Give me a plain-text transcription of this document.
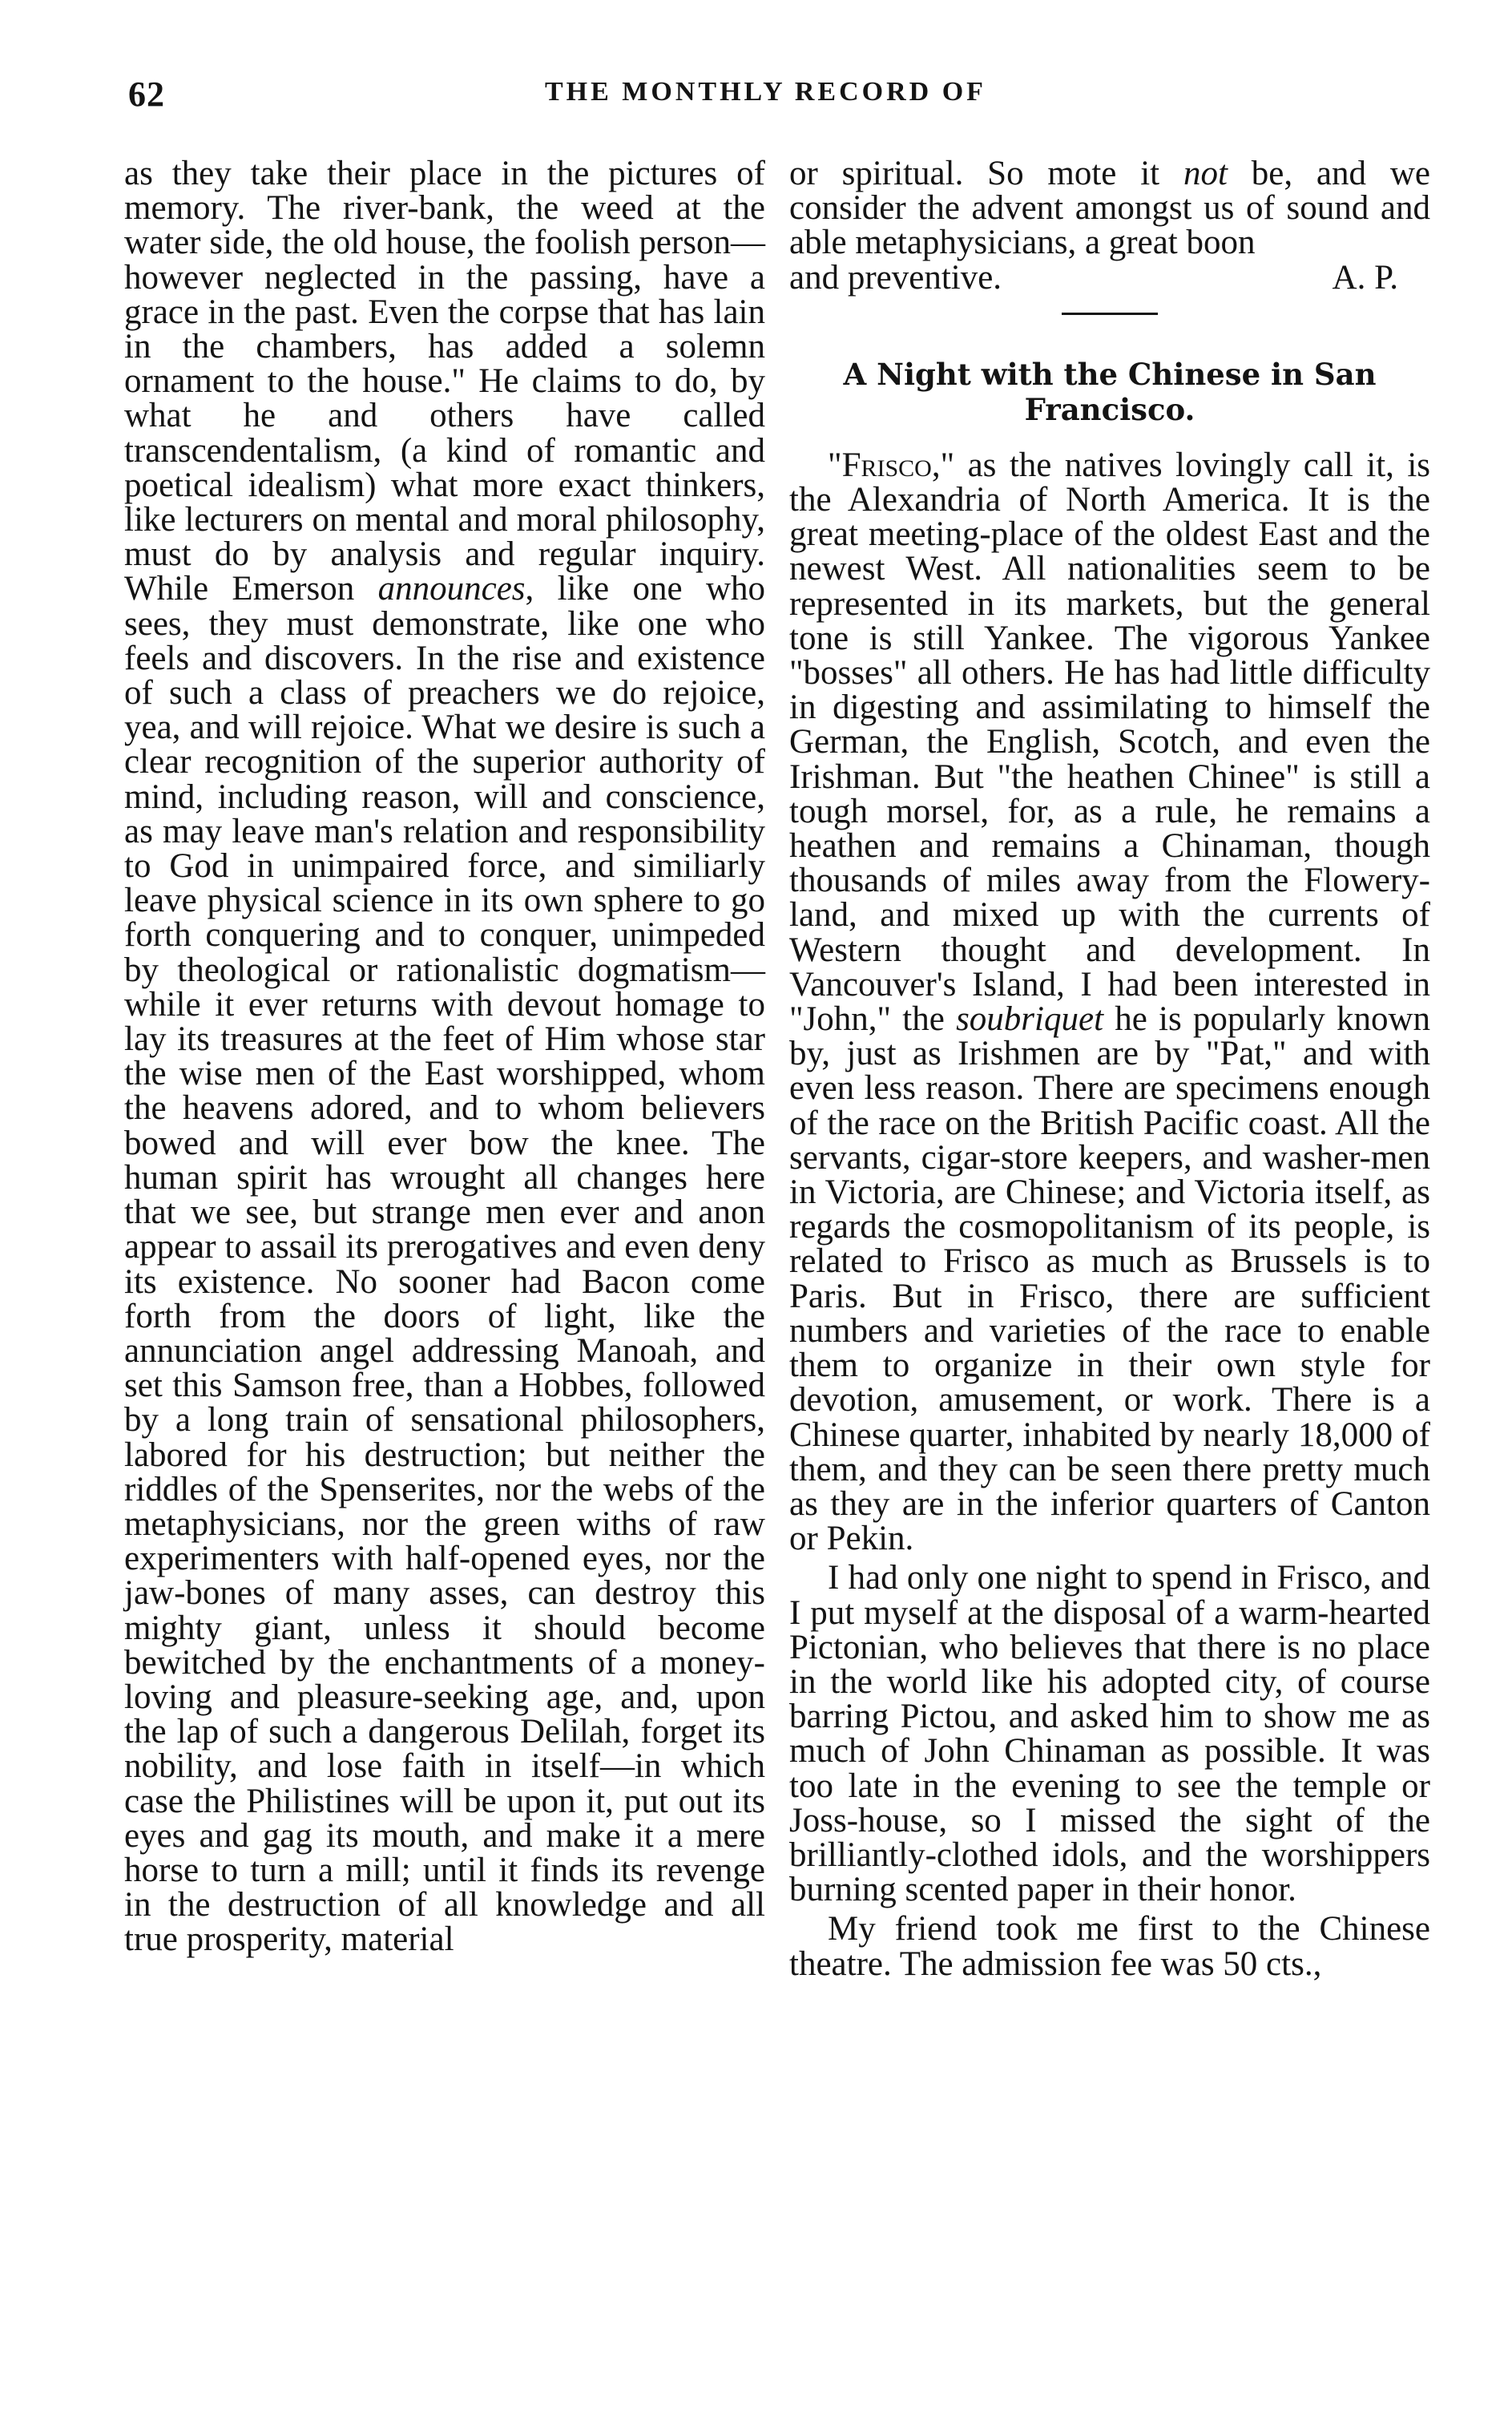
62	THE MONTHLY RECORD OF

as they take their place in the pictures of memory. The river-bank, the weed at the water side, the old house, the foolish person—however neglected in the passing, have a grace in the past. Even the corpse that has lain in the chambers, has added a solemn ornament to the house." He claims to do, by what he and others have called transcendentalism, (a kind of romantic and poetical idealism) what more exact thinkers, like lecturers on mental and moral philosophy, must do by analysis and regular inquiry. While Emerson announces, like one who sees, they must demonstrate, like one who feels and discovers. In the rise and existence of such a class of preachers we do rejoice, yea, and will rejoice. What we desire is such a clear recognition of the superior authority of mind, including reason, will and conscience, as may leave man's relation and responsibility to God in unimpaired force, and similiarly leave physical science in its own sphere to go forth conquering and to conquer, unimpeded by theological or rationalistic dogmatism—while it ever returns with devout homage to lay its treasures at the feet of Him whose star the wise men of the East worshipped, whom the heavens adored, and to whom believers bowed and will ever bow the knee. The human spirit has wrought all changes here that we see, but strange men ever and anon appear to assail its prerogatives and even deny its existence. No sooner had Bacon come forth from the doors of light, like the annunciation angel addressing Manoah, and set this Samson free, than a Hobbes, followed by a long train of sensational philosophers, labored for his destruction; but neither the riddles of the Spenserites, nor the webs of the metaphysicians, nor the green withs of raw experimenters with half-opened eyes, nor the jaw-bones of many asses, can destroy this mighty giant, unless it should become bewitched by the enchantments of a money-loving and pleasure-seeking age, and, upon the lap of such a dangerous Delilah, forget its nobility, and lose faith in itself—in which case the Philistines will be upon it, put out its eyes and gag its mouth, and make it a mere horse to turn a mill; until it finds its revenge in the destruction of all knowledge and all true prosperity, material

or spiritual. So mote it not be, and we consider the advent amongst us of sound and able metaphysicians, a great boon

and preventive.	A. P.
A Night with the Chinese in San Francisco.

"Frisco," as the natives lovingly call it, is the Alexandria of North America. It is the great meeting-place of the oldest East and the newest West. All nationalities seem to be represented in its markets, but the general tone is still Yankee. The vigorous Yankee "bosses" all others. He has had little difficulty in digesting and assimilating to himself the German, the English, Scotch, and even the Irishman. But "the heathen Chinee" is still a tough morsel, for, as a rule, he remains a heathen and remains a Chinaman, though thousands of miles away from the Flowery-land, and mixed up with the currents of Western thought and development. In Vancouver's Island, I had been interested in "John," the soubriquet he is popularly known by, just as Irishmen are by "Pat," and with even less reason. There are specimens enough of the race on the British Pacific coast. All the servants, cigar-store keepers, and washer-men in Victoria, are Chinese; and Victoria itself, as regards the cosmopolitanism of its people, is related to Frisco as much as Brussels is to Paris. But in Frisco, there are sufficient numbers and varieties of the race to enable them to organize in their own style for devotion, amusement, or work. There is a Chinese quarter, inhabited by nearly 18,000 of them, and they can be seen there pretty much as they are in the inferior quarters of Canton or Pekin.

I had only one night to spend in Frisco, and I put myself at the disposal of a warm-hearted Pictonian, who believes that there is no place in the world like his adopted city, of course barring Pictou, and asked him to show me as much of John Chinaman as possible. It was too late in the evening to see the temple or Joss-house, so I missed the sight of the brilliantly-clothed idols, and the worshippers burning scented paper in their honor.

My friend took me first to the Chinese theatre. The admission fee was 50 cts.,
